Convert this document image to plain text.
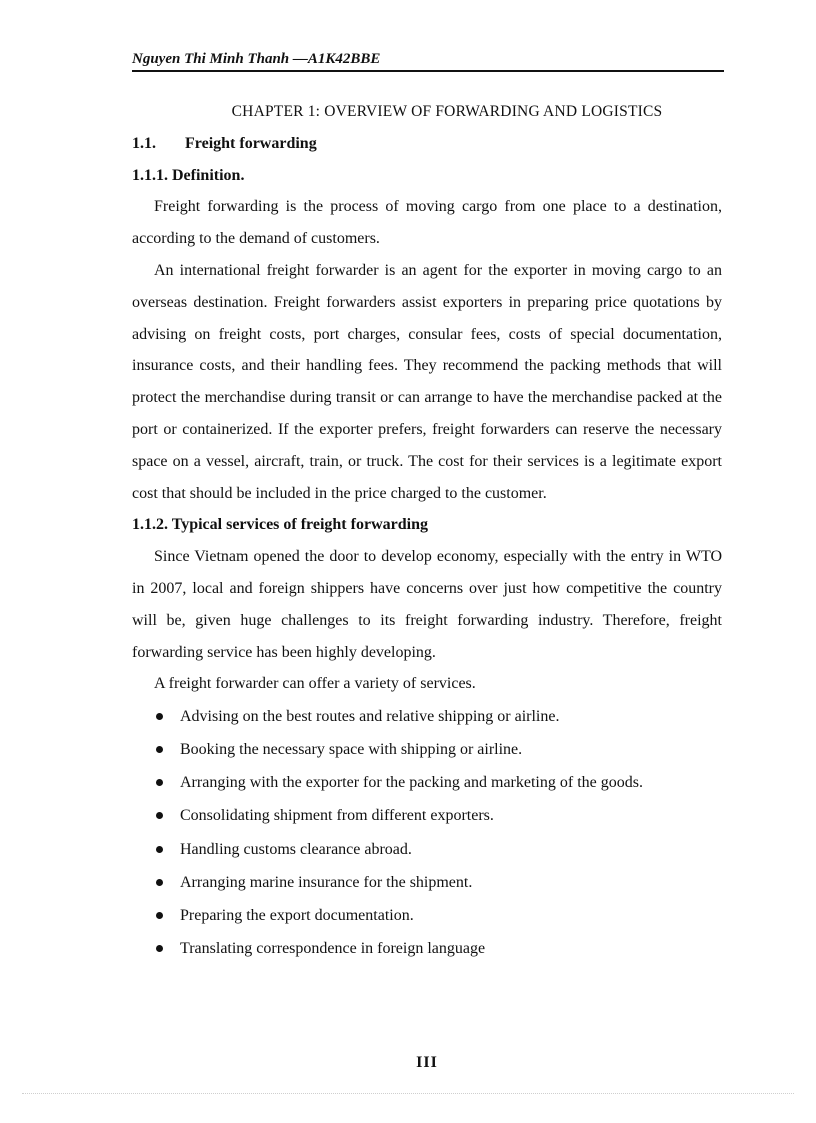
Nguyen Thi Minh Thanh —A1K42BBE

CHAPTER 1: OVERVIEW OF FORWARDING AND LOGISTICS

1.1. Freight forwarding

1.1.1. Definition.

Freight forwarding is the process of moving cargo from one place to a destination, according to the demand of customers.

An international freight forwarder is an agent for the exporter in moving cargo to an overseas destination. Freight forwarders assist exporters in preparing price quotations by advising on freight costs, port charges, consular fees, costs of special documentation, insurance costs, and their handling fees. They recommend the packing methods that will protect the merchandise during transit or can arrange to have the merchandise packed at the port or containerized. If the exporter prefers, freight forwarders can reserve the necessary space on a vessel, aircraft, train, or truck. The cost for their services is a legitimate export cost that should be included in the price charged to the customer.

1.1.2. Typical services of freight forwarding

Since Vietnam opened the door to develop economy, especially with the entry in WTO in 2007, local and foreign shippers have concerns over just how competitive the country will be, given huge challenges to its freight forwarding industry. Therefore, freight forwarding service has been highly developing.

A freight forwarder can offer a variety of services.

Advising on the best routes and relative shipping or airline.
Booking the necessary space with shipping or airline.
Arranging with the exporter for the packing and marketing of the goods.
Consolidating shipment from different exporters.
Handling customs clearance abroad.
Arranging marine insurance for the shipment.
Preparing the export documentation.
Translating correspondence in foreign language
III
